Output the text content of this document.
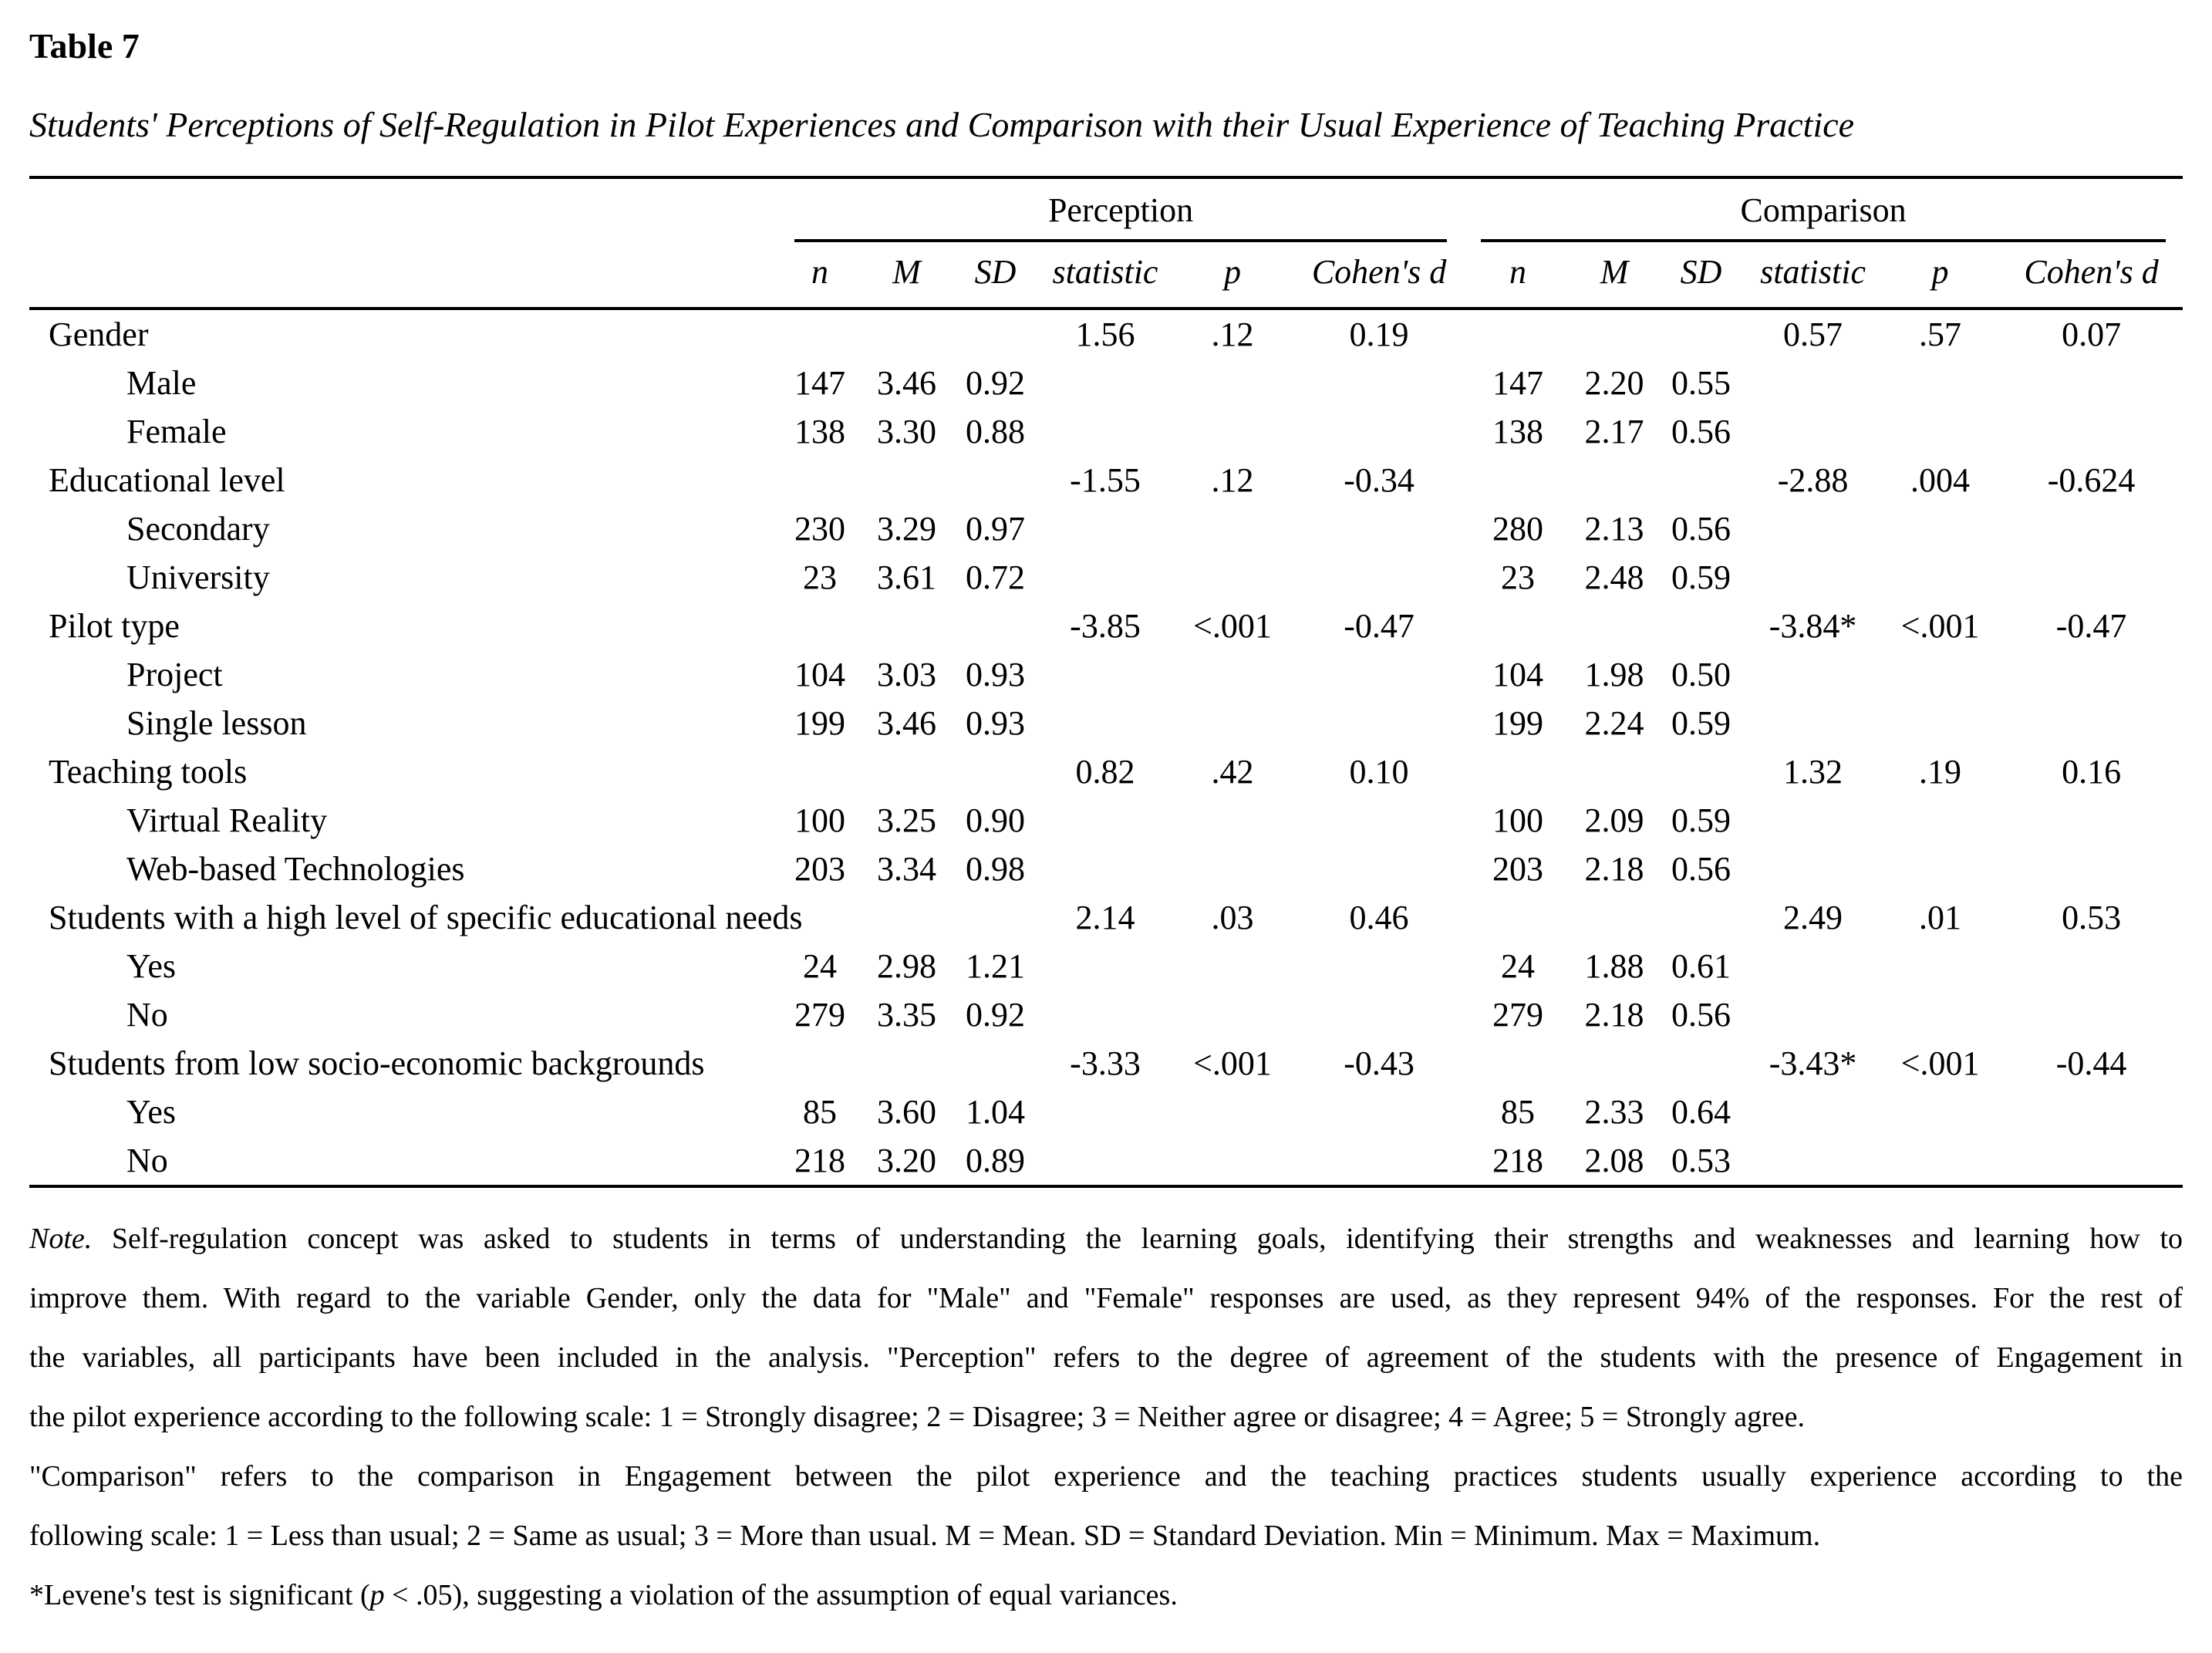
Table 7
Students' Perceptions of Self-Regulation in Pilot Experiences and Comparison with their Usual Experience of Teaching Practice

	Perception						Comparison					

	n	M	SD	statistic	p	Cohen's d	n	M	SD	statistic	p	Cohen's d
Gender				1.56	.12	0.19				0.57	.57	0.07
Male	147	3.46	0.92				147	2.20	0.55			
Female	138	3.30	0.88				138	2.17	0.56			
Educational level				-1.55	.12	-0.34				-2.88	.004	-0.624
Secondary	230	3.29	0.97				280	2.13	0.56			
University	23	3.61	0.72				23	2.48	0.59			
Pilot type				-3.85	<.001	-0.47				-3.84*	<.001	-0.47
Project	104	3.03	0.93				104	1.98	0.50			
Single lesson	199	3.46	0.93				199	2.24	0.59			
Teaching tools				0.82	.42	0.10				1.32	.19	0.16
Virtual Reality	100	3.25	0.90				100	2.09	0.59			
Web-based Technologies	203	3.34	0.98				203	2.18	0.56			
Students with a high level of specific educational needs				2.14	.03	0.46				2.49	.01	0.53
Yes	24	2.98	1.21				24	1.88	0.61			
No	279	3.35	0.92				279	2.18	0.56			
Students from low socio-economic backgrounds				-3.33	<.001	-0.43				-3.43*	<.001	-0.44
Yes	85	3.60	1.04				85	2.33	0.64			
No	218	3.20	0.89				218	2.08	0.53			
Note. Self-regulation concept was asked to students in terms of understanding the learning goals, identifying their strengths and weaknesses and learning how to
improve them. With regard to the variable Gender, only the data for "Male" and "Female" responses are used, as they represent 94% of the responses. For the rest of
the variables, all participants have been included in the analysis. "Perception" refers to the degree of agreement of the students with the presence of Engagement in
the pilot experience according to the following scale: 1 = Strongly disagree; 2 = Disagree; 3 = Neither agree or disagree; 4 = Agree; 5 = Strongly agree.
"Comparison" refers to the comparison in Engagement between the pilot experience and the teaching practices students usually experience according to the
following scale: 1 = Less than usual; 2 = Same as usual; 3 = More than usual. M = Mean. SD = Standard Deviation. Min = Minimum. Max = Maximum.
*Levene's test is significant (p < .05), suggesting a violation of the assumption of equal variances.
